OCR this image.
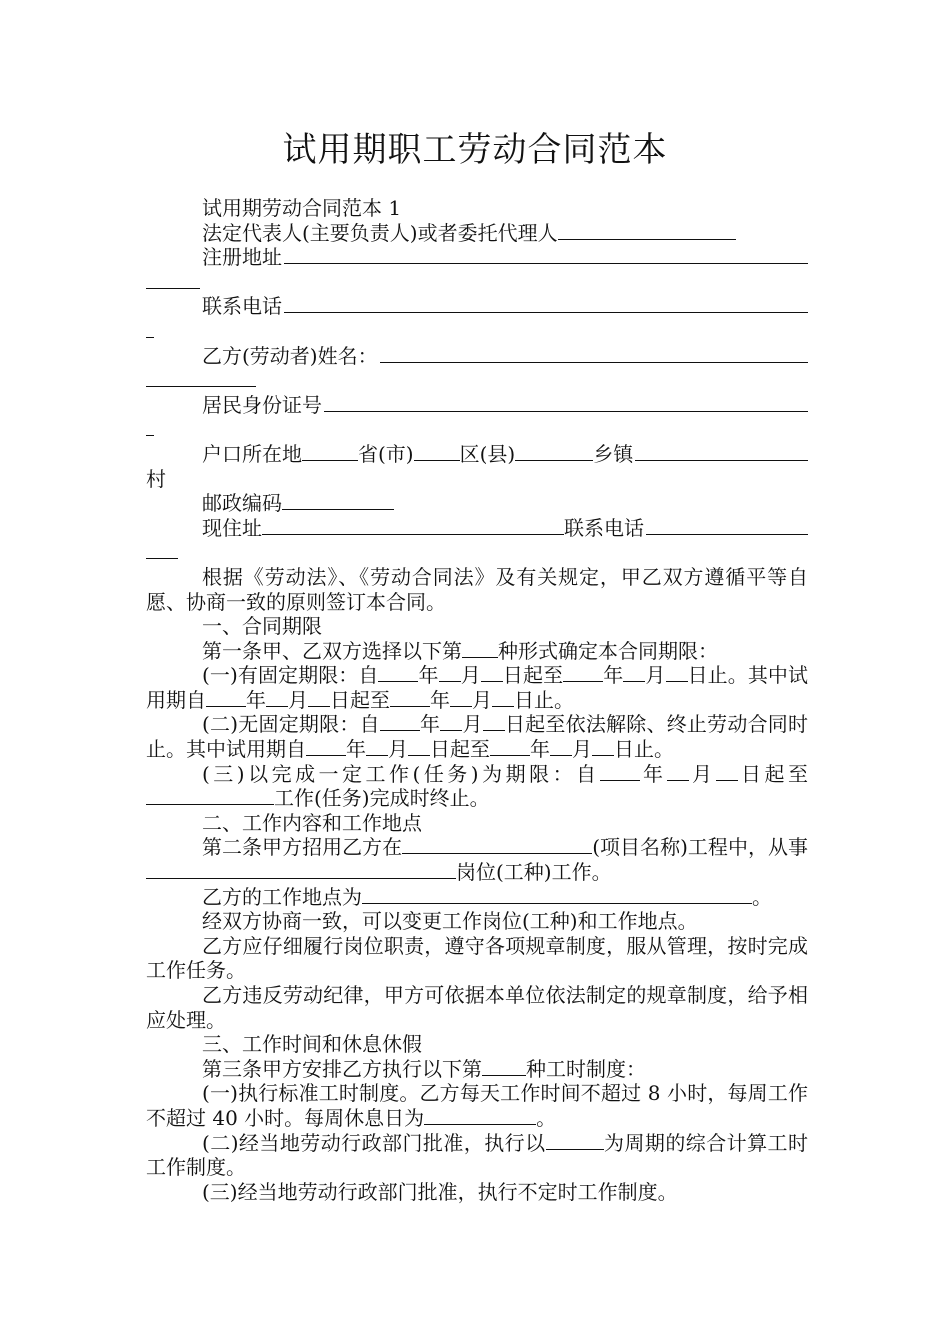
试用期职工劳动合同范本

试用期劳动合同范本 1

法定代表人(主要负责人)或者委托代理人

注册地址
联系电话
乙方(劳动者)姓名：
居民身份证号
户口所在地	省(市) 区(县)	乡镇

村

邮政编码

现住址	联系电话

根据《劳动法》、《劳动合同法》及有关规定，甲乙双方遵循平等自愿、协商一致的原则签订本合同。

一、合同期限

第一条甲、乙双方选择以下第 种形式确定本合同期限：

(一)有固定期限：自 年 月 日起至 年 月 日止。其中试用期自 年 月 日起至 年 月 日止。

(二)无固定期限：自 年 月 日起至依法解除、终止劳动合同时止。其中试用期自 年 月 日起至 年 月 日止。

(三)以完成一定工作(任务)为期限：自 年 月 日起至工作(任务)完成时终止。

二、工作内容和工作地点

第二条甲方招用乙方在	(项目名称)工程中，从事岗位(工种)工作。

乙方的工作地点为	。

经双方协商一致，可以变更工作岗位(工种)和工作地点。

乙方应仔细履行岗位职责，遵守各项规章制度，服从管理，按时完成工作任务。

乙方违反劳动纪律，甲方可依据本单位依法制定的规章制度，给予相应处理。

三、工作时间和休息休假

第三条甲方安排乙方执行以下第 种工时制度：

(一)执行标准工时制度。乙方每天工作时间不超过 8 小时，每周工作不超过 40 小时。每周休息日为	。

(二)经当地劳动行政部门批准，执行以	为周期的综合计算工时工作制度。

(三)经当地劳动行政部门批准，执行不定时工作制度。
